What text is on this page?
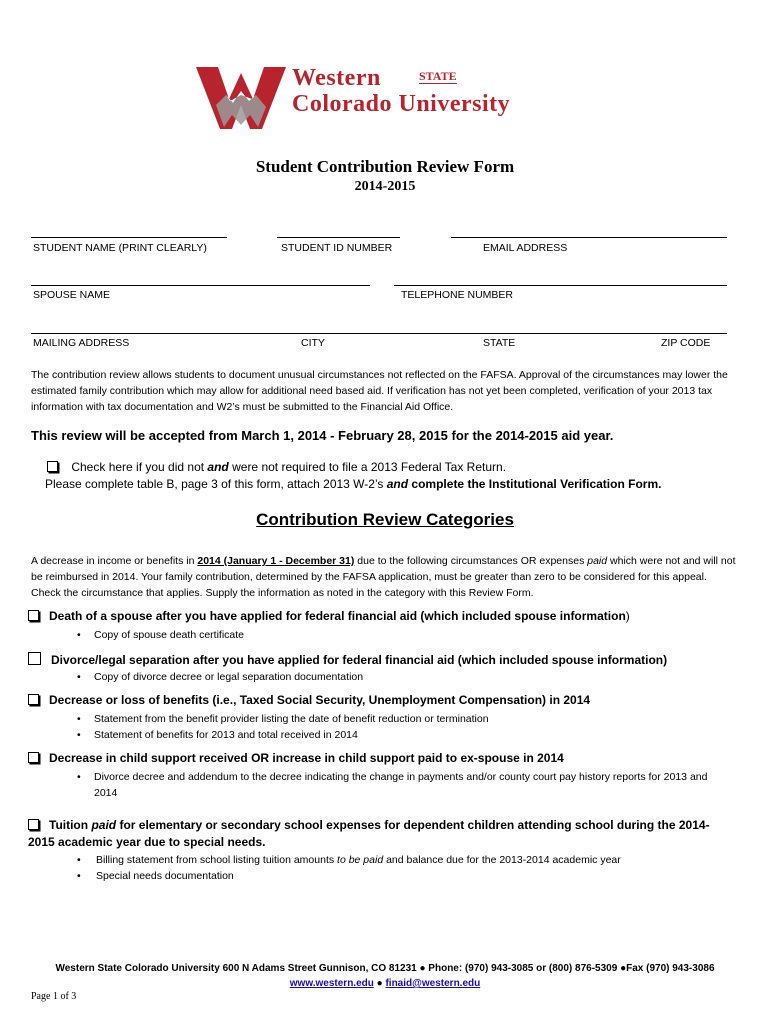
Western	STATE
Colorado University
Student Contribution Review Form
2014-2015
STUDENT NAME (PRINT CLEARLY)	STUDENT ID NUMBER	EMAIL ADDRESS
SPOUSE NAME	TELEPHONE NUMBER
MAILING ADDRESS	CITY	STATE	ZIP CODE
The contribution review allows students to document unusual circumstances not reflected on the FAFSA. Approval of the circumstances may lower the estimated family contribution which may allow for additional need based aid. If verification has not yet been completed, verification of your 2013 tax information with tax documentation and W2’s must be submitted to the Financial Aid Office.
This review will be accepted from March 1, 2014 - February 28, 2015 for the 2014-2015 aid year.
Check here if you did not and were not required to file a 2013 Federal Tax Return.
Please complete table B, page 3 of this form, attach 2013 W-2’s and complete the Institutional Verification Form.
Contribution Review Categories
A decrease in income or benefits in 2014 (January 1 - December 31) due to the following circumstances OR expenses paid which were not and will not be reimbursed in 2014. Your family contribution, determined by the FAFSA application, must be greater than zero to be considered for this appeal. Check the circumstance that applies. Supply the information as noted in the category with this Review Form.
Death of a spouse after you have applied for federal financial aid (which included spouse information)
• Copy of spouse death certificate
Divorce/legal separation after you have applied for federal financial aid (which included spouse information)
• Copy of divorce decree or legal separation documentation
Decrease or loss of benefits (i.e., Taxed Social Security, Unemployment Compensation) in 2014
• Statement from the benefit provider listing the date of benefit reduction or termination
• Statement of benefits for 2013 and total received in 2014
Decrease in child support received OR increase in child support paid to ex-spouse in 2014
• Divorce decree and addendum to the decree indicating the change in payments and/or county court pay history reports for 2013 and 2014
Tuition paid for elementary or secondary school expenses for dependent children attending school during the 2014-2015 academic year due to special needs.
• Billing statement from school listing tuition amounts to be paid and balance due for the 2013-2014 academic year
• Special needs documentation
Western State Colorado University 600 N Adams Street Gunnison, CO 81231 ● Phone: (970) 943-3085 or (800) 876-5309 ●Fax (970) 943-3086
www.western.edu ● finaid@western.edu
Page 1 of 3
